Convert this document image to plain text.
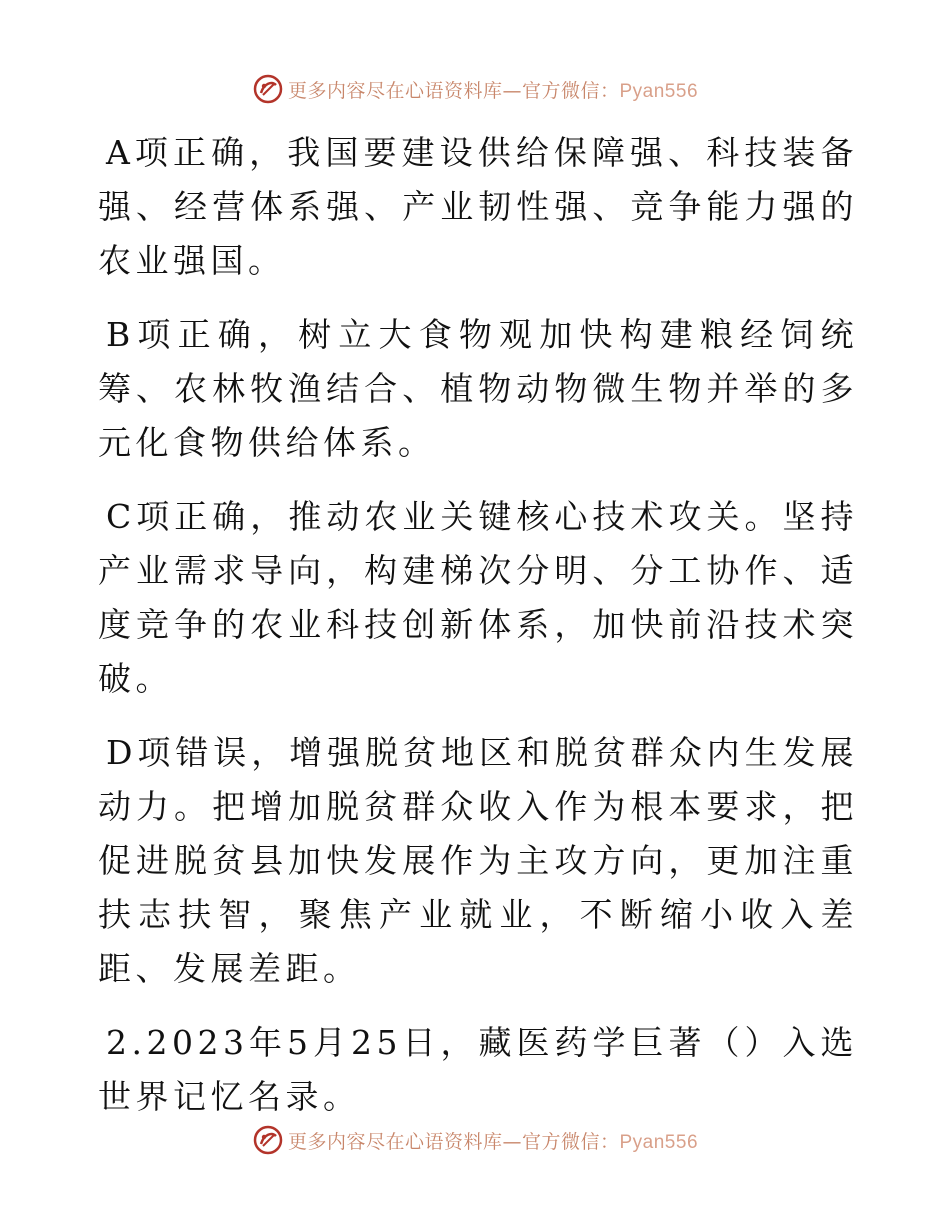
更多内容尽在心语资料库—官方微信：Pyan556

A项正确，我国要建设供给保障强、科技装备强、经营体系强、产业韧性强、竞争能力强的农业强国。

B项正确，树立大食物观加快构建粮经饲统筹、农林牧渔结合、植物动物微生物并举的多元化食物供给体系。

C项正确，推动农业关键核心技术攻关。坚持产业需求导向，构建梯次分明、分工协作、适度竞争的农业科技创新体系，加快前沿技术突破。

D项错误，增强脱贫地区和脱贫群众内生发展动力。把增加脱贫群众收入作为根本要求，把促进脱贫县加快发展作为主攻方向，更加注重扶志扶智，聚焦产业就业，不断缩小收入差距、发展差距。

2.2023年5月25日，藏医药学巨著（）入选世界记忆名录。

更多内容尽在心语资料库—官方微信：Pyan556
